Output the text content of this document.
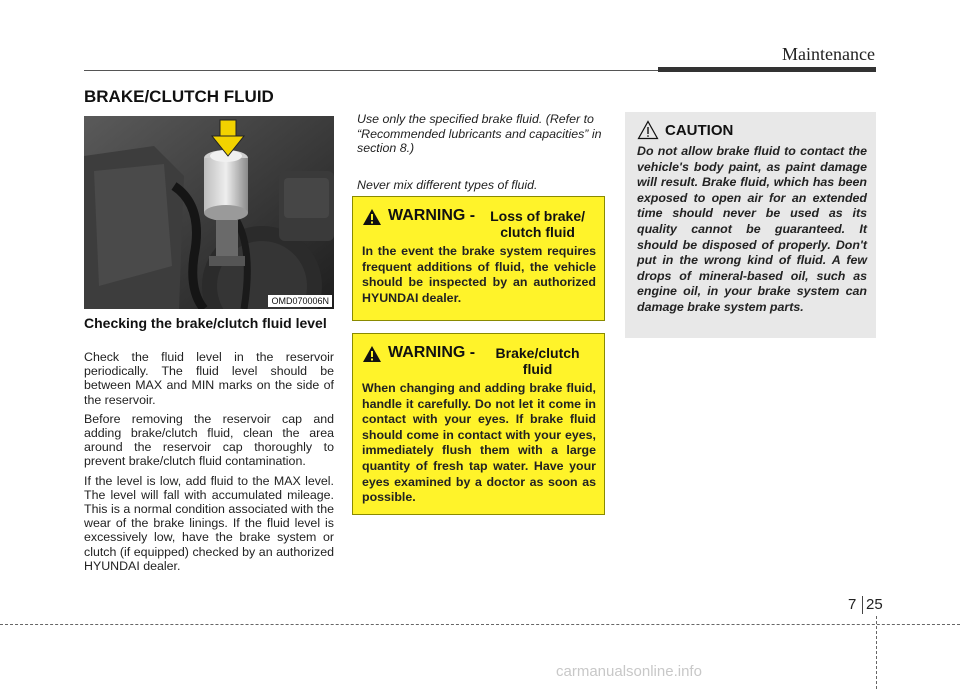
Maintenance
BRAKE/CLUTCH FLUID
OMD070006N
Checking the brake/clutch fluid level

Check the fluid level in the reservoir periodically. The fluid level should be between MAX and MIN marks on the side of the reservoir.

Before removing the reservoir cap and adding brake/clutch fluid, clean the area around the reservoir cap thoroughly to prevent brake/clutch fluid contamination.

If the level is low, add fluid to the MAX level. The level will fall with accumulated mileage. This is a normal condition associated with the wear of the brake linings. If the fluid level is excessively low, have the brake system or clutch (if equipped) checked by an authorized HYUNDAI dealer.

Use only the specified brake fluid. (Refer to “Recommended lubricants and capacities” in section 8.)
Never mix different types of fluid.
WARNING -	Loss of brake/ clutch fluid
In the event the brake system requires frequent additions of fluid, the vehicle should be inspected by an authorized HYUNDAI dealer.
WARNING -	Brake/clutch fluid
When changing and adding brake fluid, handle it carefully. Do not let it come in contact with your eyes. If brake fluid should come in contact with your eyes, immediately flush them with a large quantity of fresh tap water. Have your eyes examined by a doctor as soon as possible.
CAUTION
Do not allow brake fluid to contact the vehicle's body paint, as paint damage will result. Brake fluid, which has been exposed to open air for an extended time should never be used as its quality cannot be guaranteed. It should be disposed of properly. Don't put in the wrong kind of fluid. A few drops of mineral-based oil, such as engine oil, in your brake system can damage brake system parts.
7 25
carmanualsonline.info
